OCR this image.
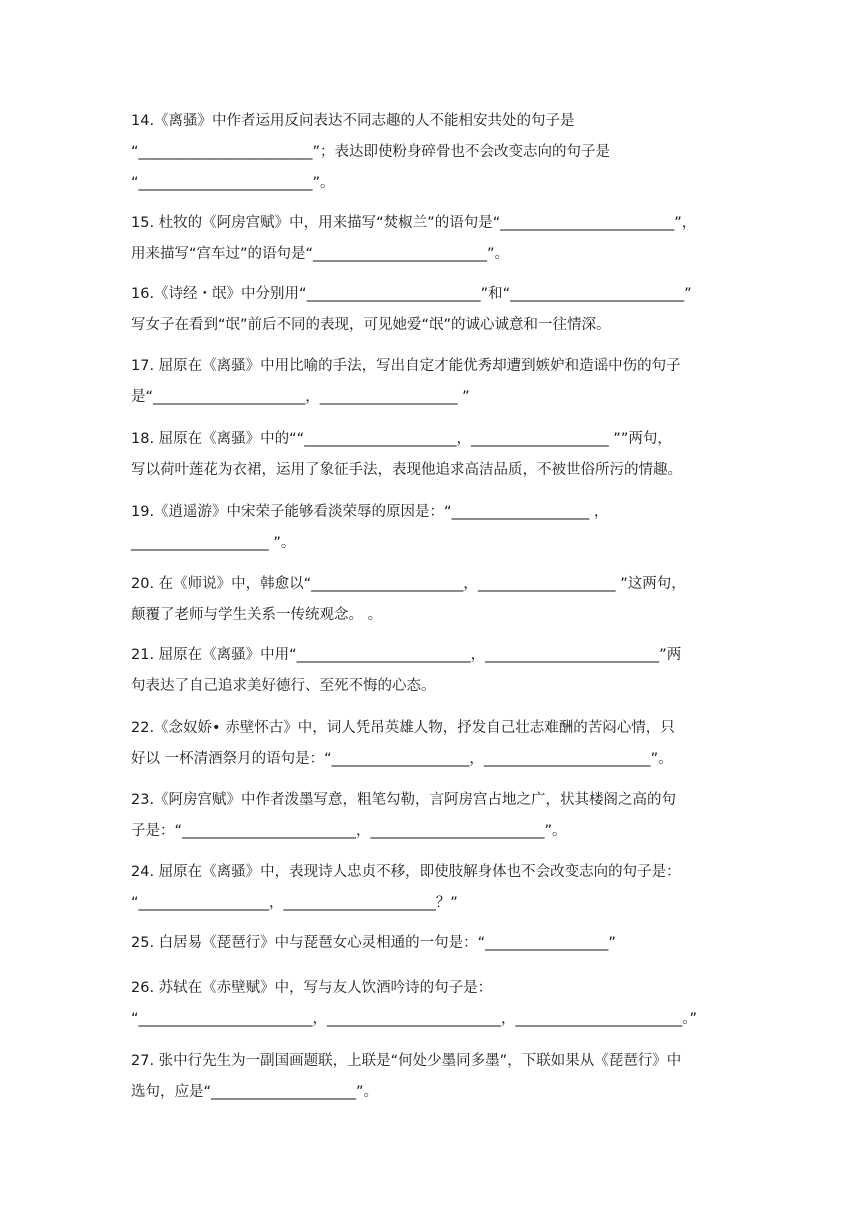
14.《离骚》中作者运用反问表达不同志趣的人不能相安共处的句子是
“________________________”；表达即使粉身碎骨也不会改变志向的句子是
“________________________”。
15. 杜牧的《阿房宫赋》中，用来描写“焚椒兰”的语句是“________________________”，
用来描写“宫车过”的语句是“________________________”。
16.《诗经・氓》中分别用“________________________”和“________________________”
写女子在看到“氓”前后不同的表现，可见她爱“氓”的诚心诚意和一往情深。
17. 屈原在《离骚》中用比喻的手法，写出自定才能优秀却遭到嫉妒和造谣中伤的句子
是“_____________________，___________________ ”
18. 屈原在《离骚》中的““_____________________，___________________ ””两句，
写以荷叶莲花为衣裙，运用了象征手法，表现他追求高洁品质，不被世俗所污的情趣。
19.《逍遥游》中宋荣子能够看淡荣辱的原因是：“___________________ ，
___________________ ”。
20. 在《师说》中，韩愈以“_____________________，___________________ ”这两句，
颠覆了老师与学生关系一传统观念。 。
21. 屈原在《离骚》中用“________________________，________________________”两
句表达了自己追求美好德行、至死不悔的心态。
22.《念奴娇• 赤壁怀古》中，词人凭吊英雄人物，抒发自己壮志难酬的苦闷心情，只
好以 一杯清酒祭月的语句是：“___________________，_______________________”。
23.《阿房宫赋》中作者泼墨写意，粗笔勾勒，言阿房宫占地之广，状其楼阁之高的句
子是：“________________________，________________________”。
24. 屈原在《离骚》中，表现诗人忠贞不移，即使肢解身体也不会改变志向的句子是：
“__________________，_____________________？”
25. 白居易《琵琶行》中与琵琶女心灵相通的一句是：“_________________”
26. 苏轼在《赤壁赋》中，写与友人饮酒吟诗的句子是：
“________________________，________________________，_______________________。”
27. 张中行先生为一副国画题联，上联是“何处少墨同多墨”，下联如果从《琵琶行》中
选句，应是“____________________”。
